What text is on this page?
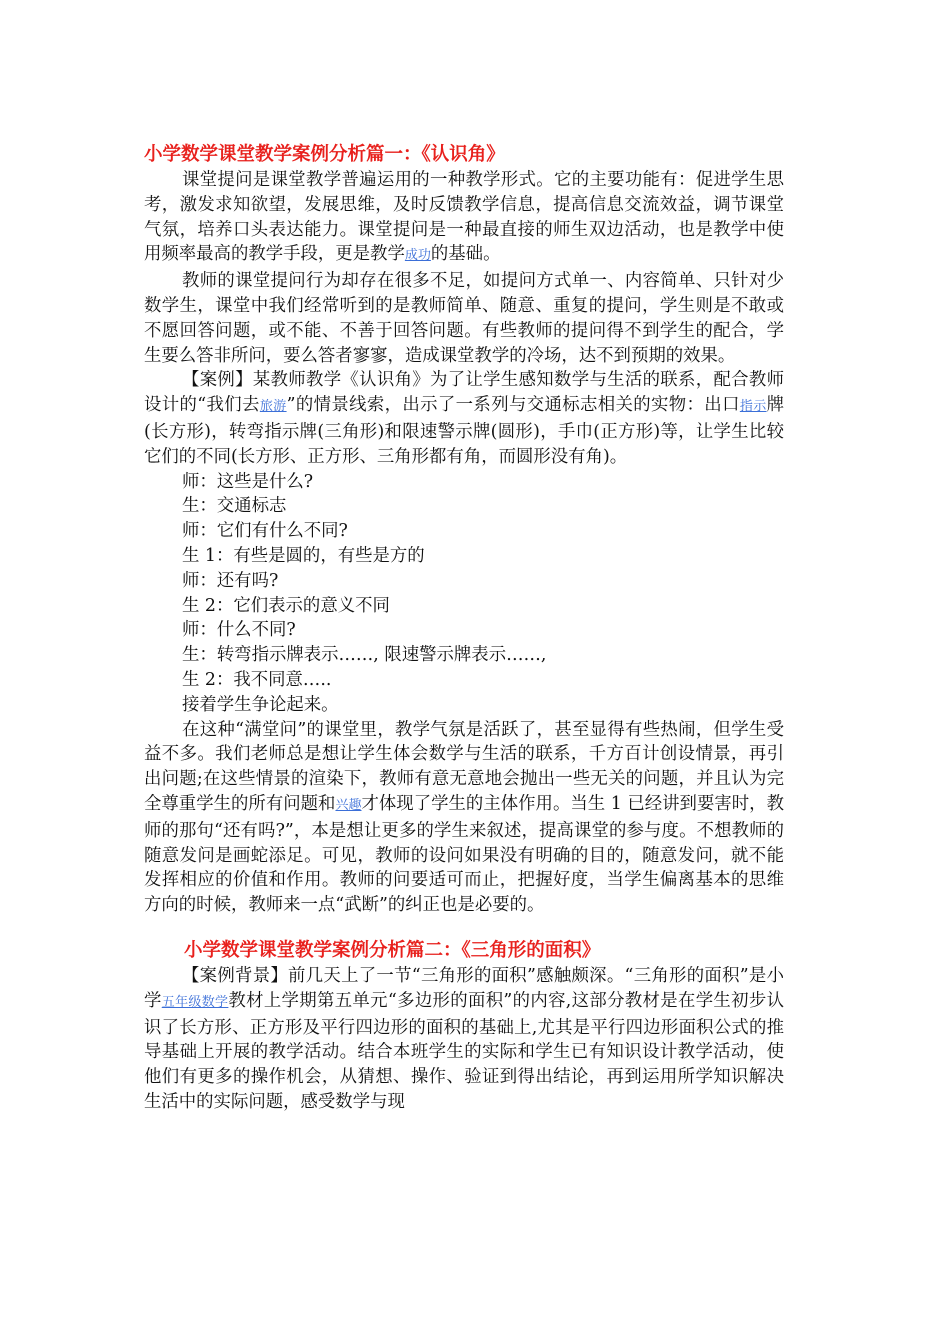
小学数学课堂教学案例分析篇一：《认识角》

课堂提问是课堂教学普遍运用的一种教学形式。它的主要功能有：促进学生思考，激发求知欲望，发展思维，及时反馈教学信息，提高信息交流效益，调节课堂气氛，培养口头表达能力。课堂提问是一种最直接的师生双边活动，也是教学中使用频率最高的教学手段，更是教学成功的基础。

教师的课堂提问行为却存在很多不足，如提问方式单一、内容简单、只针对少数学生，课堂中我们经常听到的是教师简单、随意、重复的提问，学生则是不敢或不愿回答问题，或不能、不善于回答问题。有些教师的提问得不到学生的配合，学生要么答非所问，要么答者寥寥，造成课堂教学的冷场，达不到预期的效果。

【案例】某教师教学《认识角》为了让学生感知数学与生活的联系，配合教师设计的“我们去旅游”的情景线索，出示了一系列与交通标志相关的实物：出口指示牌(长方形)，转弯指示牌(三角形)和限速警示牌(圆形)，手巾(正方形)等，让学生比较它们的不同(长方形、正方形、三角形都有角，而圆形没有角)。

师：这些是什么?

生：交通标志

师：它们有什么不同?

生 1：有些是圆的，有些是方的

师：还有吗?

生 2：它们表示的意义不同

师：什么不同?

生：转弯指示牌表示……, 限速警示牌表示……,

生 2：我不同意…..

接着学生争论起来。

在这种“满堂问”的课堂里，教学气氛是活跃了，甚至显得有些热闹，但学生受益不多。我们老师总是想让学生体会数学与生活的联系，千方百计创设情景，再引出问题;在这些情景的渲染下，教师有意无意地会抛出一些无关的问题，并且认为完全尊重学生的所有问题和兴趣才体现了学生的主体作用。当生 1 已经讲到要害时，教师的那句“还有吗?”，本是想让更多的学生来叙述，提高课堂的参与度。不想教师的随意发问是画蛇添足。可见，教师的设问如果没有明确的目的，随意发问，就不能发挥相应的价值和作用。教师的问要适可而止，把握好度，当学生偏离基本的思维方向的时候，教师来一点“武断”的纠正也是必要的。

小学数学课堂教学案例分析篇二：《三角形的面积》

【案例背景】前几天上了一节“三角形的面积”感触颇深。“三角形的面积”是小学五年级数学教材上学期第五单元“多边形的面积”的内容,这部分教材是在学生初步认识了长方形、正方形及平行四边形的面积的基础上,尤其是平行四边形面积公式的推导基础上开展的教学活动。结合本班学生的实际和学生已有知识设计教学活动，使他们有更多的操作机会，从猜想、操作、验证到得出结论，再到运用所学知识解决生活中的实际问题，感受数学与现
